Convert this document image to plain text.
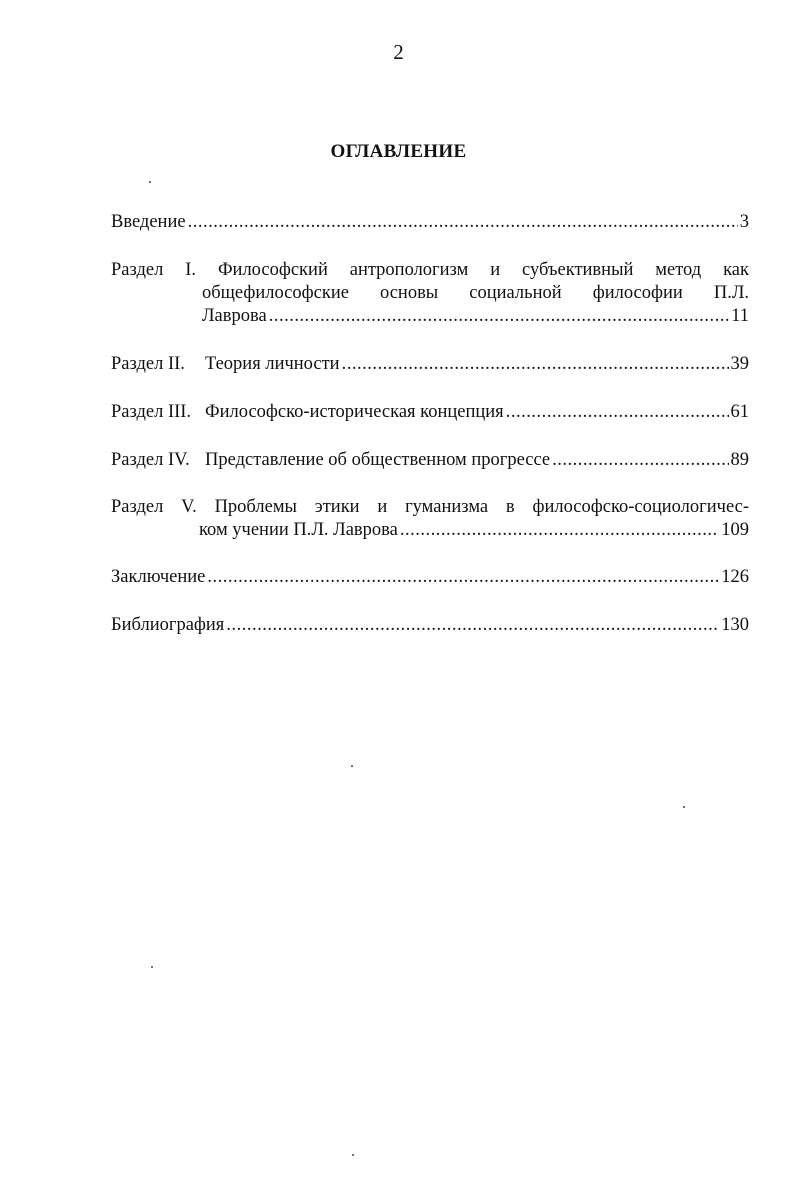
2
ОГЛАВЛЕНИЕ
Введение .....	3
Раздел I. Философский антропологизм и субъективный метод как
общефилософские основы социальной философии П.Л.
Лаврова .....	11
Раздел II.	Теория личности .....	39
Раздел III. Философско-историческая концепция .....	61
Раздел IV. Представление об общественном прогрессе .....	89
Раздел V. Проблемы этики и гуманизма в философско-социологичес-
ком учении П.Л. Лаврова .....	109
Заключение .....	126
Библиография .....	130
